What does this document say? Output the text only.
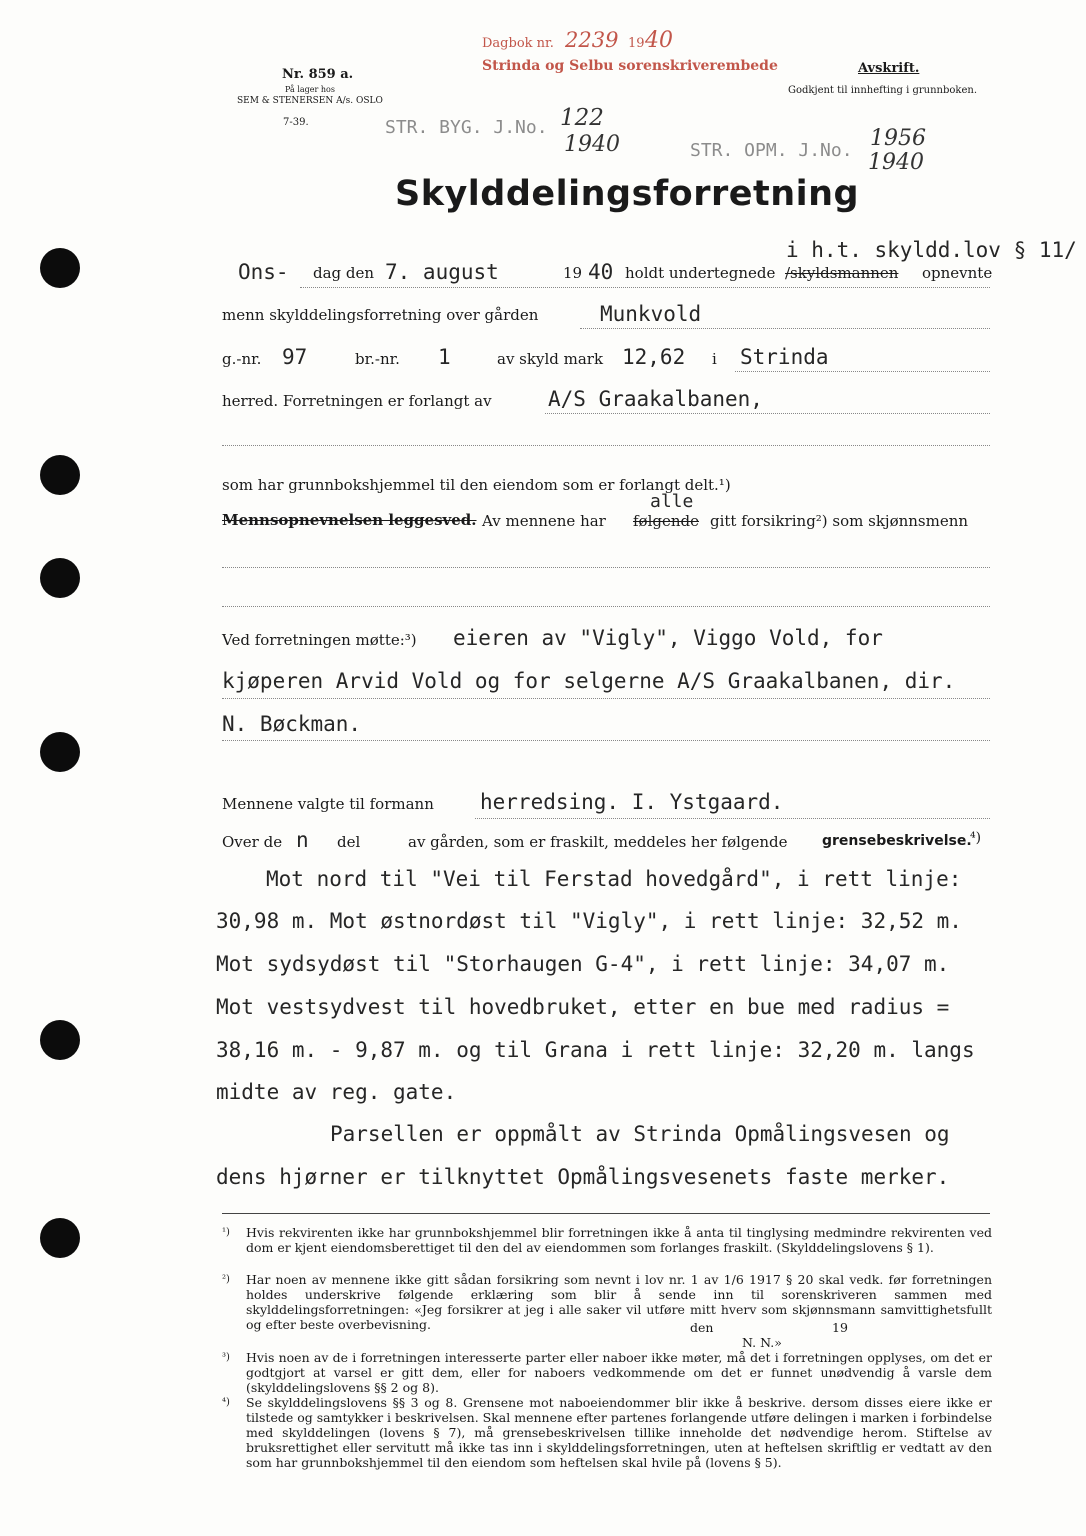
Nr. 859 a.
På lager hos
SEM & STENERSEN A/s. OSLO
7-39.
Dagbok nr. 2239 19 40
Strinda og Selbu sorenskriverembede	Avskrift.
Godkjent til innhefting i grunnboken.
STR. BYG. J.No. 122
1940	STR. OPM. J.No. 1956
1940
Skylddelingsforretning
i h.t. skyldd.lov § 11/
Ons- dag den 7. august	19 40 holdt undertegnede /skyldsmannen opnevnte
menn skylddelingsforretning over gården	Munkvold
g.-nr. 97	br.-nr. 1	av skyld mark 12,62 i Strinda
herred. Forretningen er forlangt av	A/S Graakalbanen,
som har grunnbokshjemmel til den eiendom som er forlangt delt.¹)
alle
Mennsopnevnelsen leggesved. Av mennene har følgende gitt forsikring²) som skjønnsmenn
Ved forretningen møtte:³) eieren av "Vigly", Viggo Vold, for
kjøperen Arvid Vold og for selgerne A/S Graakalbanen, dir.
N. Bøckman.
Mennene valgte til formann herredsing. I. Ystgaard.
Over de n del	av gården, som er fraskilt, meddeles her følgende grensebeskrivelse.
⁴)
Mot nord til "Vei til Ferstad hovedgård", i rett linje:
30,98 m. Mot østnordøst til "Vigly", i rett linje: 32,52 m.
Mot sydsydøst til "Storhaugen G-4", i rett linje: 34,07 m.
Mot vestsydvest til hovedbruket, etter en bue med radius =
38,16 m. - 9,87 m. og til Grana i rett linje: 32,20 m. langs
midte av reg. gate.
Parsellen er oppmålt av Strinda Opmålingsvesen og
dens hjørner er tilknyttet Opmålingsvesenets faste merker.
¹) Hvis rekvirenten ikke har grunnbokshjemmel blir forretningen ikke å anta til tinglysing medmindre rekvirenten ved dom er kjent eiendomsberettiget til den del av eiendommen som forlanges fraskilt. (Skylddelingslovens § 1).
²) Har noen av mennene ikke gitt sådan forsikring som nevnt i lov nr. 1 av 1/6 1917 § 20 skal vedk. før forretningen holdes underskrive følgende erklæring som blir å sende inn til sorenskriveren sammen med skylddelingsforretningen: «Jeg forsikrer at jeg i alle saker vil utføre mitt hverv som skjønnsmann samvittighetsfullt og efter beste overbevisning.	den	19
N. N.»
³) Hvis noen av de i forretningen interesserte parter eller naboer ikke møter, må det i forretningen opplyses, om det er godtgjort at varsel er gitt dem, eller for naboers vedkommende om det er funnet unødvendig å varsle dem (skylddelingslovens §§ 2 og 8).
⁴) Se skylddelingslovens §§ 3 og 8. Grensene mot naboeiendommer blir ikke å beskrive. dersom disses eiere ikke er tilstede og samtykker i beskrivelsen. Skal mennene efter partenes forlangende utføre delingen i marken i forbindelse med skylddelingen (lovens § 7), må grensebeskrivelsen tillike inneholde det nødvendige herom. Stiftelse av bruksrettighet eller servitutt må ikke tas inn i skylddelingsforretningen, uten at heftelsen skriftlig er vedtatt av den som har grunnbokshjemmel til den eiendom som heftelsen skal hvile på (lovens § 5).
